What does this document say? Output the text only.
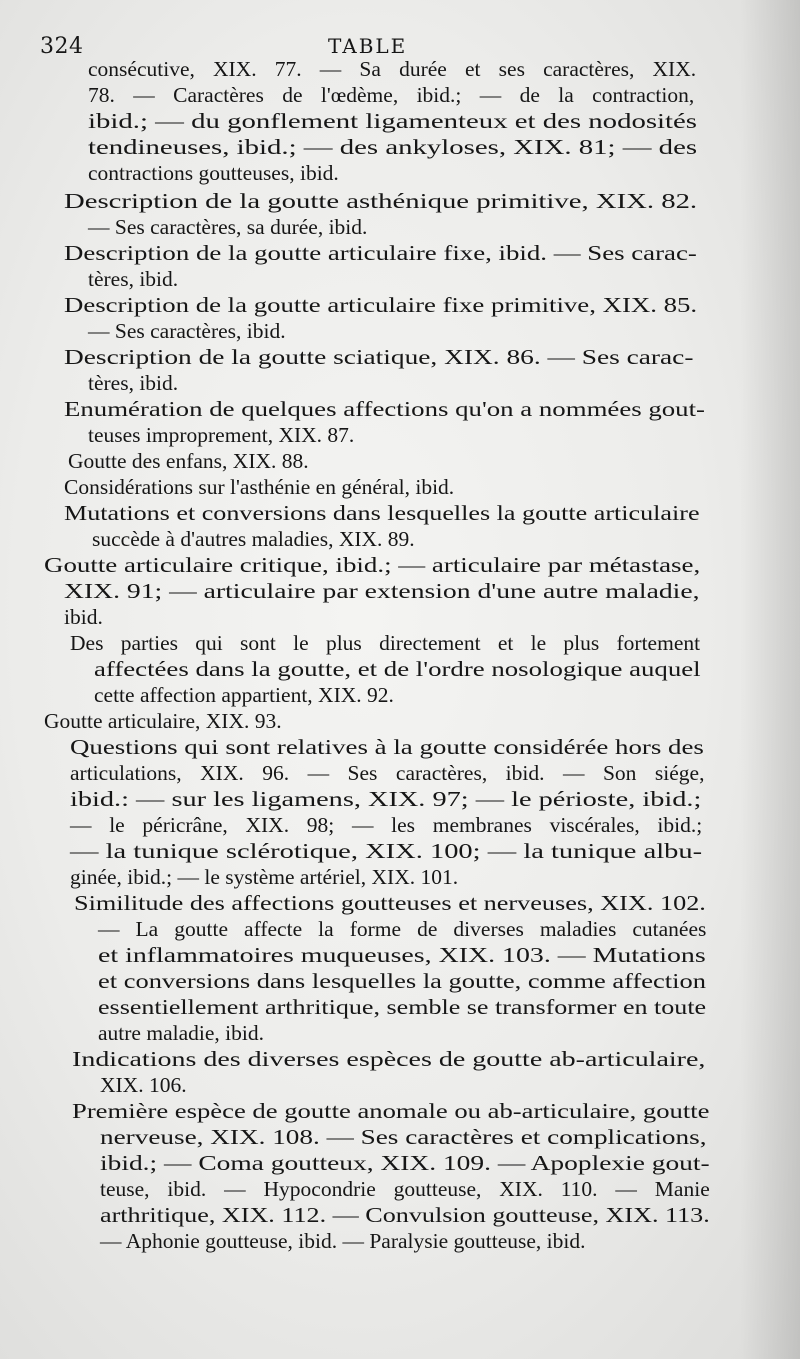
324	TABLE
consécutive, XIX. 77. — Sa durée et ses caractères, XIX.
78. — Caractères de l'œdème, ibid.; — de la contraction,
ibid.; — du gonflement ligamenteux et des nodosités
tendineuses, ibid.; — des ankyloses, XIX. 81; — des
contractions goutteuses, ibid.
Description de la goutte asthénique primitive, XIX. 82.
— Ses caractères, sa durée, ibid.
Description de la goutte articulaire fixe, ibid. — Ses carac-
tères, ibid.
Description de la goutte articulaire fixe primitive, XIX. 85.
— Ses caractères, ibid.
Description de la goutte sciatique, XIX. 86. — Ses carac-
tères, ibid.
Enumération de quelques affections qu'on a nommées gout-
teuses improprement, XIX. 87.
Goutte des enfans, XIX. 88.
Considérations sur l'asthénie en général, ibid.
Mutations et conversions dans lesquelles la goutte articulaire
succède à d'autres maladies, XIX. 89.
Goutte articulaire critique, ibid.; — articulaire par métastase,
XIX. 91; — articulaire par extension d'une autre maladie,
ibid.
Des parties qui sont le plus directement et le plus fortement
affectées dans la goutte, et de l'ordre nosologique auquel
cette affection appartient, XIX. 92.
Goutte articulaire, XIX. 93.
Questions qui sont relatives à la goutte considérée hors des
articulations, XIX. 96. — Ses caractères, ibid. — Son siége,
ibid.: — sur les ligamens, XIX. 97; — le périoste, ibid.;
— le péricrâne, XIX. 98; — les membranes viscérales, ibid.;
— la tunique sclérotique, XIX. 100; — la tunique albu-
ginée, ibid.; — le système artériel, XIX. 101.
Similitude des affections goutteuses et nerveuses, XIX. 102.
— La goutte affecte la forme de diverses maladies cutanées
et inflammatoires muqueuses, XIX. 103. — Mutations
et conversions dans lesquelles la goutte, comme affection
essentiellement arthritique, semble se transformer en toute
autre maladie, ibid.
Indications des diverses espèces de goutte ab-articulaire,
XIX. 106.
Première espèce de goutte anomale ou ab-articulaire, goutte
nerveuse, XIX. 108. — Ses caractères et complications,
ibid.; — Coma goutteux, XIX. 109. — Apoplexie gout-
teuse, ibid. — Hypocondrie goutteuse, XIX. 110. — Manie
arthritique, XIX. 112. — Convulsion goutteuse, XIX. 113.
— Aphonie goutteuse, ibid. — Paralysie goutteuse, ibid.
